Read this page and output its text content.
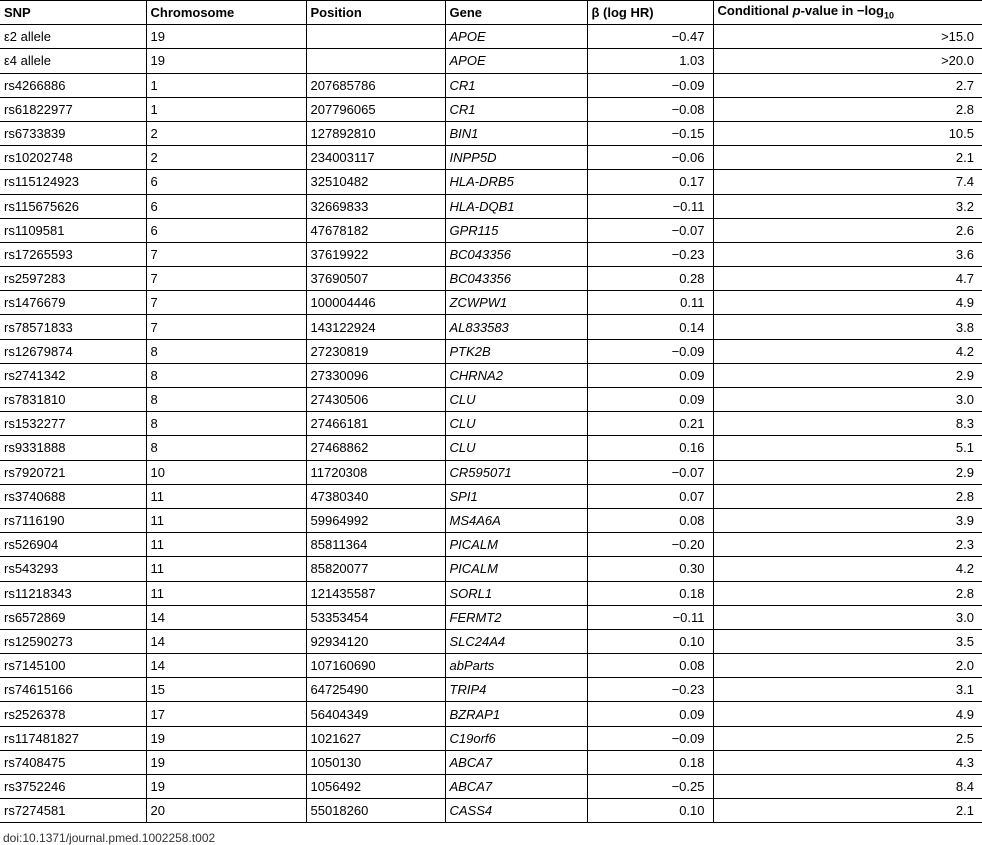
SNP	Chromosome	Position	Gene	β (log HR)	Conditional p-value in $-\log_{10}$
ε2 allele	19		APOE	−0.47	>15.0
ε4 allele	19		APOE	1.03	>20.0
rs4266886	1	207685786	CR1	−0.09	2.7
rs61822977	1	207796065	CR1	−0.08	2.8
rs6733839	2	127892810	BIN1	−0.15	10.5
rs10202748	2	234003117	INPP5D	−0.06	2.1
rs115124923	6	32510482	HLA-DRB5	0.17	7.4
rs115675626	6	32669833	HLA-DQB1	−0.11	3.2
rs1109581	6	47678182	GPR115	−0.07	2.6
rs17265593	7	37619922	BC043356	−0.23	3.6
rs2597283	7	37690507	BC043356	0.28	4.7
rs1476679	7	100004446	ZCWPW1	0.11	4.9
rs78571833	7	143122924	AL833583	0.14	3.8
rs12679874	8	27230819	PTK2B	−0.09	4.2
rs2741342	8	27330096	CHRNA2	0.09	2.9
rs7831810	8	27430506	CLU	0.09	3.0
rs1532277	8	27466181	CLU	0.21	8.3
rs9331888	8	27468862	CLU	0.16	5.1
rs7920721	10	11720308	CR595071	−0.07	2.9
rs3740688	11	47380340	SPI1	0.07	2.8
rs7116190	11	59964992	MS4A6A	0.08	3.9
rs526904	11	85811364	PICALM	−0.20	2.3
rs543293	11	85820077	PICALM	0.30	4.2
rs11218343	11	121435587	SORL1	0.18	2.8
rs6572869	14	53353454	FERMT2	−0.11	3.0
rs12590273	14	92934120	SLC24A4	0.10	3.5
rs7145100	14	107160690	abParts	0.08	2.0
rs74615166	15	64725490	TRIP4	−0.23	3.1
rs2526378	17	56404349	BZRAP1	0.09	4.9
rs117481827	19	1021627	C19orf6	−0.09	2.5
rs7408475	19	1050130	ABCA7	0.18	4.3
rs3752246	19	1056492	ABCA7	−0.25	8.4
rs7274581	20	55018260	CASS4	0.10	2.1
doi:10.1371/journal.pmed.1002258.t002
